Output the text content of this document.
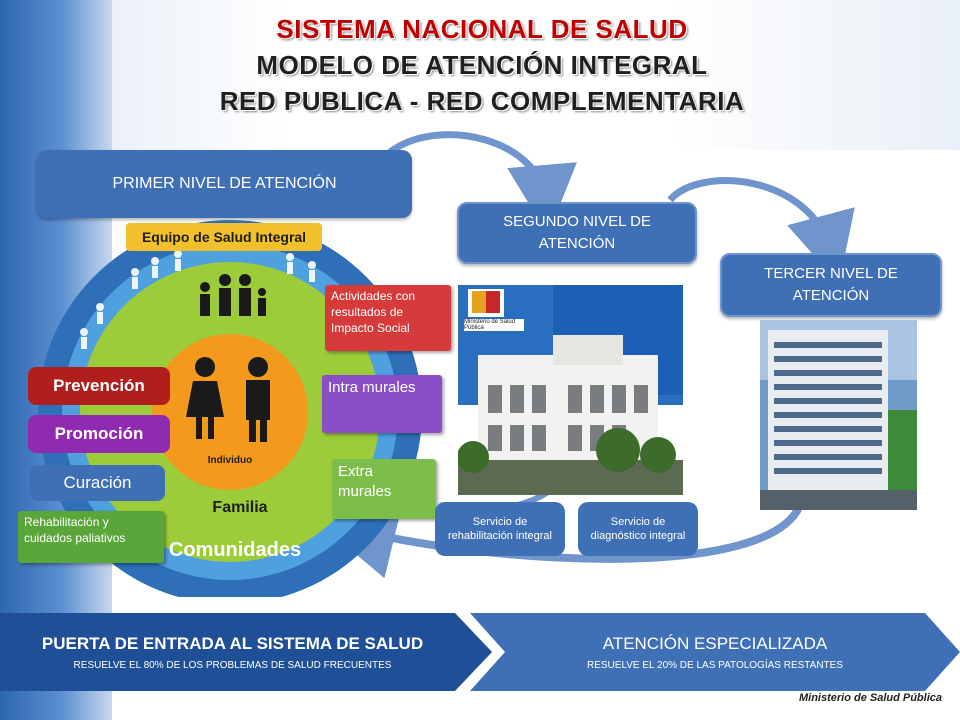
SISTEMA NACIONAL DE SALUD
MODELO DE ATENCIÓN INTEGRAL
RED PUBLICA - RED COMPLEMENTARIA
PRIMER NIVEL DE ATENCIÓN
SEGUNDO NIVEL DE ATENCIÓN
TERCER NIVEL DE ATENCIÓN
Equipo de Salud Integral
Individuo
Familia
Comunidades
Prevención
Promoción
Curación
Rehabilitación y cuidados paliativos
Actividades con resultados de Impacto Social
Intra murales
Extra murales
Ministerio de Salud Pública
Servicio de rehabilitación integral
Servicio de diagnóstico integral
PUERTA DE ENTRADA AL SISTEMA DE SALUD
RESUELVE EL 80% DE LOS PROBLEMAS DE SALUD FRECUENTES
ATENCIÓN ESPECIALIZADA
RESUELVE EL 20% DE LAS PATOLOGÍAS RESTANTES
Ministerio de Salud Pública
